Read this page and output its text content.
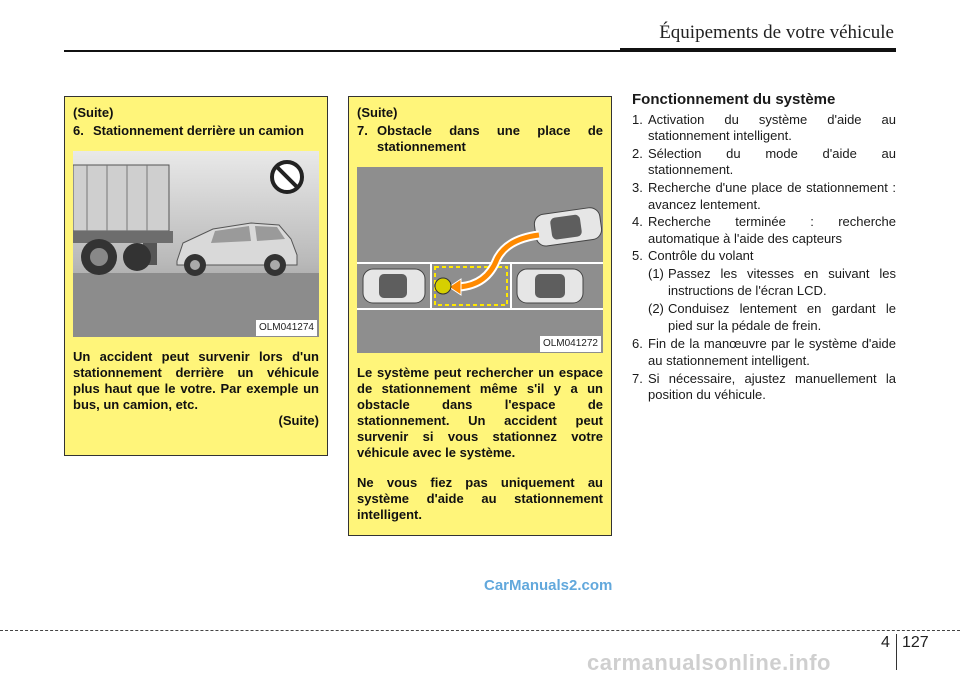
Équipements de votre véhicule
(Suite)
6. Stationnement derrière un camion
OLM041274
Un accident peut survenir lors d'un stationnement derrière un véhicule plus haut que le votre. Par exemple un bus, un camion, etc.
(Suite)
(Suite)
7. Obstacle dans une place de stationnement
OLM041272
Le système peut rechercher un espace de stationnement même s'il y a un obstacle dans l'espace de stationnement. Un accident peut survenir si vous stationnez votre véhicule avec le système.
Ne vous fiez pas uniquement au système d'aide au stationnement intelligent.
Fonctionnement du système
1. Activation du système d'aide au stationnement intelligent.
2. Sélection du mode d'aide au stationnement.
3. Recherche d'une place de stationnement : avancez lentement.
4. Recherche terminée : recherche automatique à l'aide des capteurs
5. Contrôle du volant
(1) Passez les vitesses en suivant les instructions de l'écran LCD.
(2) Conduisez lentement en gardant le pied sur la pédale de frein.
6. Fin de la manœuvre par le système d'aide au stationnement intelligent.
7. Si nécessaire, ajustez manuellement la position du véhicule.
CarManuals2.com
4 127
carmanualsonline.info
